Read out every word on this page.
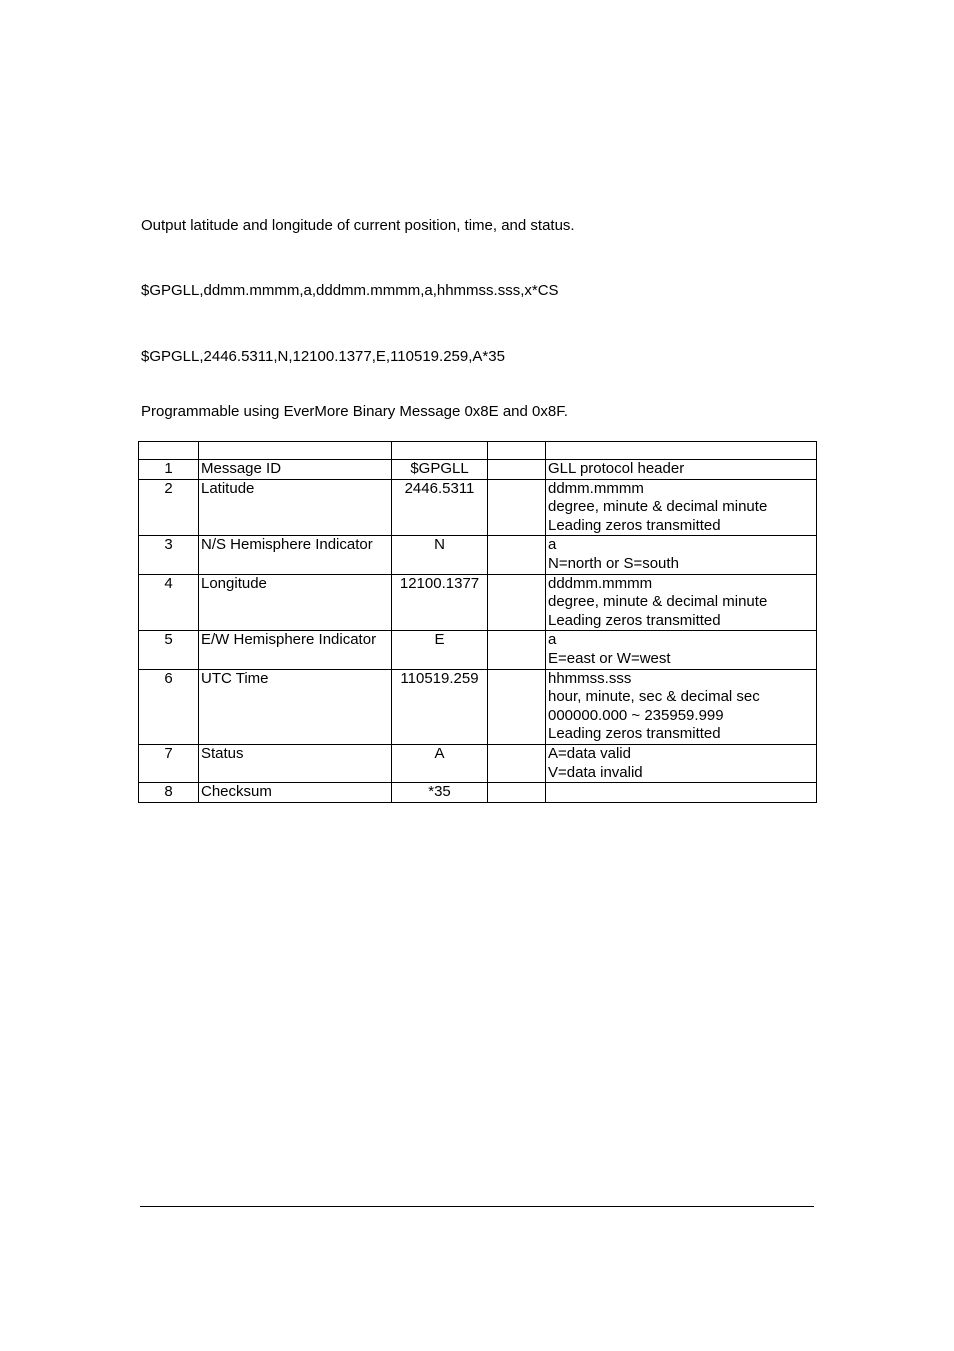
Output latitude and longitude of current position, time, and status.
$GPGLL,ddmm.mmmm,a,dddmm.mmmm,a,hhmmss.sss,x*CS
$GPGLL,2446.5311,N,12100.1377,E,110519.259,A*35
Programmable using EverMore Binary Message 0x8E and 0x8F.

1	Message ID	$GPGLL		GLL protocol header

2	Latitude	2446.5311		ddmm.mmmm
degree, minute & decimal minute
Leading zeros transmitted

3	N/S Hemisphere Indicator	N		a
N=north or S=south

4	Longitude	12100.1377		dddmm.mmmm
degree, minute & decimal minute
Leading zeros transmitted

5	E/W Hemisphere Indicator	E		a
E=east or W=west

6	UTC Time	110519.259		hhmmss.sss
hour, minute, sec & decimal sec
000000.000 ~ 235959.999
Leading zeros transmitted

7	Status	A		A=data valid
V=data invalid

8	Checksum	*35		
